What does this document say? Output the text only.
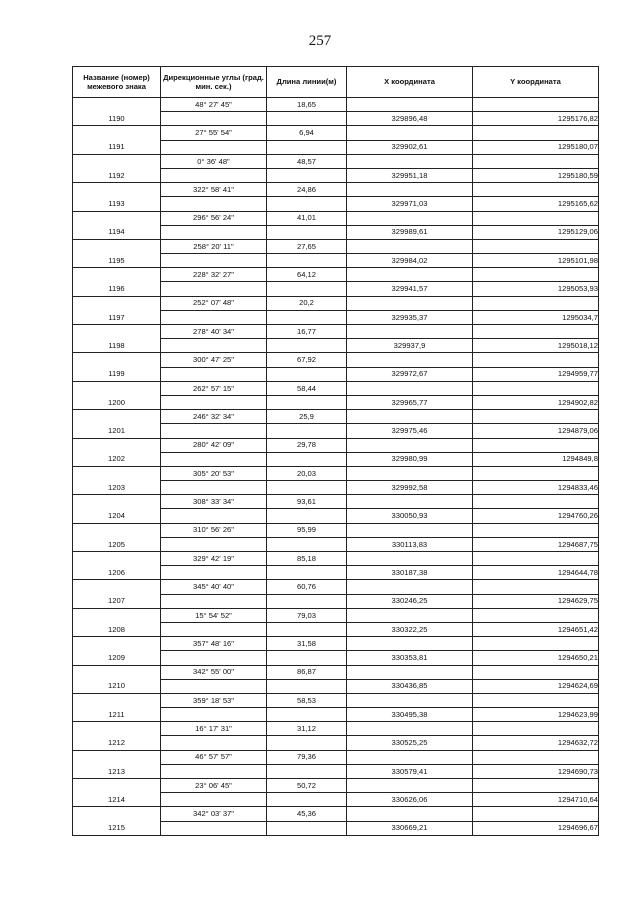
257
Название (номер) межевого знака	Дирекционные углы (град. мин. сек.)	Длина линии(м)	X координата	Y координата
	48° 27' 45"	18,65		
1190			329896,48	1295176,82
	27° 55' 54"	6,94		
1191			329902,61	1295180,07
	0° 36' 48"	48,57		
1192			329951,18	1295180,59
	322° 58' 41"	24,86		
1193			329971,03	1295165,62
	296° 56' 24"	41,01		
1194			329989,61	1295129,06
	258° 20' 11"	27,65		
1195			329984,02	1295101,98
	228° 32' 27"	64,12		
1196			329941,57	1295053,93
	252° 07' 48"	20,2		
1197			329935,37	1295034,7
	278° 40' 34"	16,77		
1198			329937,9	1295018,12
	300° 47' 25"	67,92		
1199			329972,67	1294959,77
	262° 57' 15"	58,44		
1200			329965,77	1294902,82
	246° 32' 34"	25,9		
1201			329975,46	1294879,06
	280° 42' 09"	29,78		
1202			329980,99	1294849,8
	305° 20' 53"	20,03		
1203			329992,58	1294833,46
	308° 33' 34"	93,61		
1204			330050,93	1294760,26
	310° 56' 26"	95,99		
1205			330113,83	1294687,75
	329° 42' 19"	85,18		
1206			330187,38	1294644,78
	345° 40' 40"	60,76		
1207			330246,25	1294629,75
	15° 54' 52"	79,03		
1208			330322,25	1294651,42
	357° 48' 16"	31,58		
1209			330353,81	1294650,21
	342° 55' 00"	86,87		
1210			330436,85	1294624,69
	359° 18' 53"	58,53		
1211			330495,38	1294623,99
	16° 17' 31"	31,12		
1212			330525,25	1294632,72
	46° 57' 57"	79,36		
1213			330579,41	1294690,73
	23° 06' 45"	50,72		
1214			330626,06	1294710,64
	342° 03' 37"	45,36		
1215			330669,21	1294696,67
